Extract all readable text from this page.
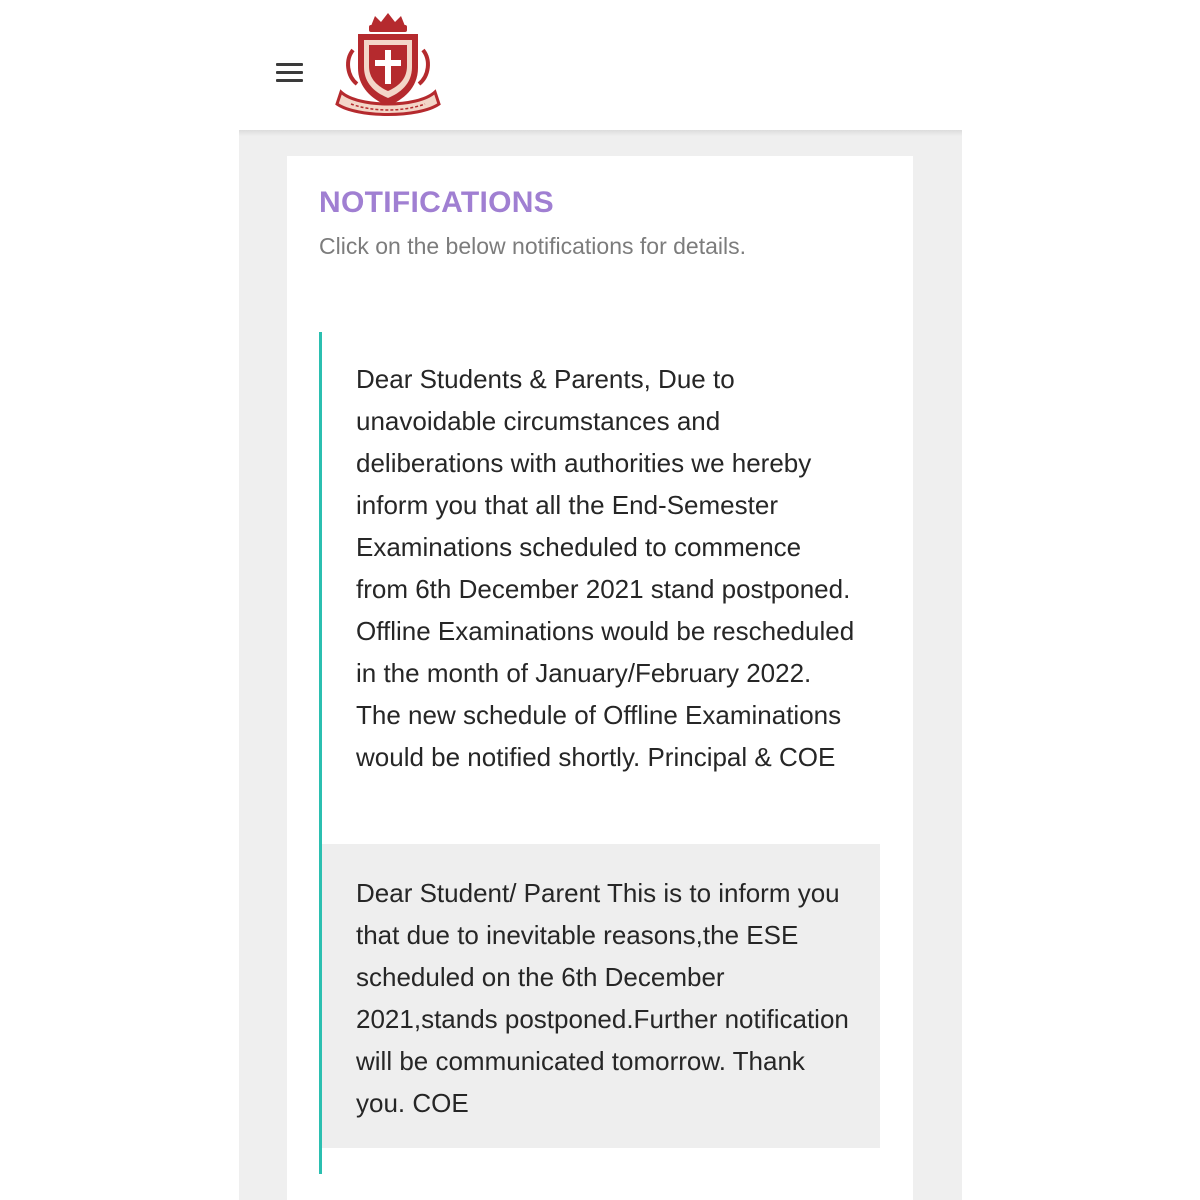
NOTIFICATIONS
Click on the below notifications for details.
Dear Students & Parents, Due to unavoidable circumstances and deliberations with authorities we hereby inform you that all the End-Semester Examinations scheduled to commence from 6th December 2021 stand postponed. Offline Examinations would be rescheduled in the month of January/February 2022. The new schedule of Offline Examinations would be notified shortly. Principal & COE
Dear Student/ Parent This is to inform you that due to inevitable reasons,the ESE scheduled on the 6th December 2021,stands postponed.Further notification will be communicated tomorrow. Thank you. COE
